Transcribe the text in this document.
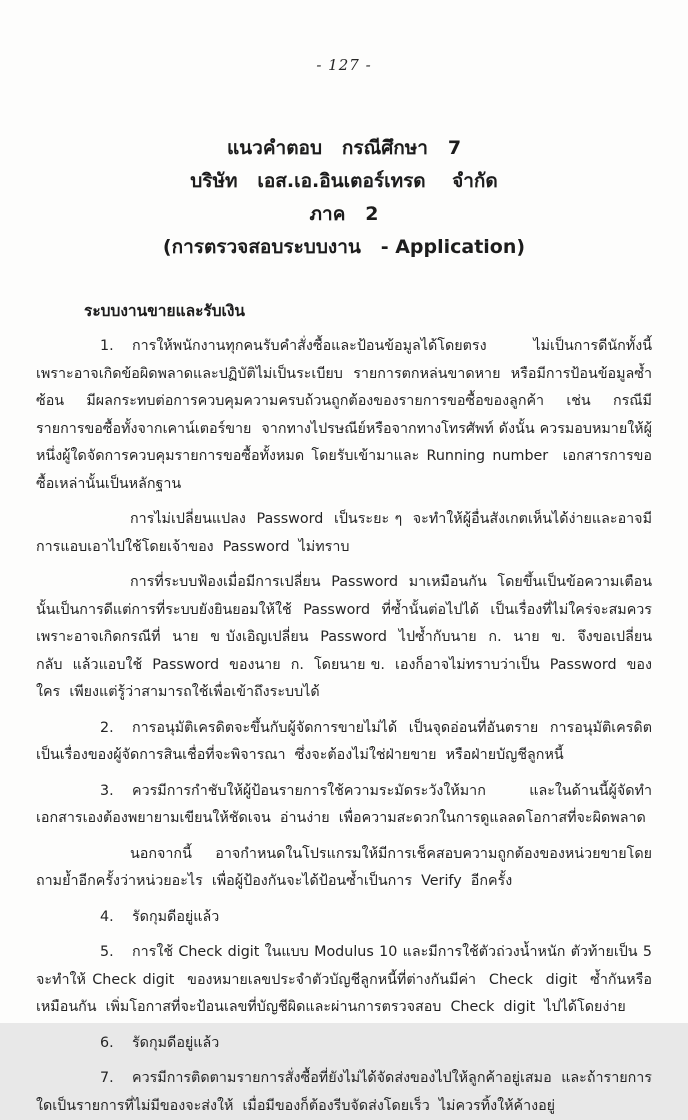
- 127 -
แนวคำตอบ   กรณีศึกษา   7
บริษัท   เอส.เอ.อินเตอร์เทรด    จำกัด
ภาค   2
(การตรวจสอบระบบงาน   - Application)
ระบบงานขายและรับเงิน

1. การให้พนักงานทุกคนรับคำสั่งซื้อและป้อนข้อมูลได้โดยตรง  ไม่เป็นการดีนักทั้งนี้  เพราะอาจเกิดข้อผิดพลาดและปฏิบัติไม่เป็นระเบียบ  รายการตกหล่นขาดหาย  หรือมีการป้อนข้อมูลซ้ำซ้อน  มีผลกระทบต่อการควบคุมความครบถ้วนถูกต้องของรายการขอซื้อของลูกค้า  เช่น  กรณีมีรายการขอซื้อทั้งจากเคาน์เตอร์ขาย  จากทางไปรษณีย์หรือจากทางโทรศัพท์ ดังนั้น ควรมอบหมายให้ผู้หนึ่งผู้ใดจัดการควบคุมรายการขอซื้อทั้งหมด โดยรับเข้ามาและ Running number  เอกสารการขอซื้อเหล่านั้นเป็นหลักฐาน

การไม่เปลี่ยนแปลง  Password  เป็นระยะ ๆ  จะทำให้ผู้อื่นสังเกตเห็นได้ง่ายและอาจมีการแอบเอาไปใช้โดยเจ้าของ  Password  ไม่ทราบ

การที่ระบบฟ้องเมื่อมีการเปลี่ยน Password มาเหมือนกัน โดยขึ้นเป็นข้อความเตือนนั้นเป็นการดีแต่การที่ระบบยังยินยอมให้ใช้  Password  ที่ซ้ำนั้นต่อไปได้  เป็นเรื่องที่ไม่ใคร่จะสมควร  เพราะอาจเกิดกรณีที่  นาย  ข บังเอิญเปลี่ยน  Password  ไปซ้ำกับนาย  ก.  นาย  ข.  จึงขอเปลี่ยนกลับ  แล้วแอบใช้  Password  ของนาย  ก.  โดยนาย ข.  เองก็อาจไม่ทราบว่าเป็น  Password  ของใคร  เพียงแต่รู้ว่าสามารถใช้เพื่อเข้าถึงระบบได้

2. การอนุมัติเครดิตจะขึ้นกับผู้จัดการขายไม่ได้  เป็นจุดอ่อนที่อันตราย  การอนุมัติเครดิตเป็นเรื่องของผู้จัดการสินเชื่อที่จะพิจารณา  ซึ่งจะต้องไม่ใช่ฝ่ายขาย  หรือฝ่ายบัญชีลูกหนี้

3. ควรมีการกำชับให้ผู้ป้อนรายการใช้ความระมัดระวังให้มาก และในด้านนี้ผู้จัดทำเอกสารเองต้องพยายามเขียนให้ชัดเจน  อ่านง่าย  เพื่อความสะดวกในการดูแลลดโอกาสที่จะผิดพลาด

นอกจากนี้  อาจกำหนดในโปรแกรมให้มีการเช็คสอบความถูกต้องของหน่วยขายโดยถามย้ำอีกครั้งว่าหน่วยอะไร  เพื่อผู้ป้องกันจะได้ป้อนซ้ำเป็นการ  Verify  อีกครั้ง

4. รัดกุมดีอยู่แล้ว

5. การใช้ Check digit ในแบบ Modulus 10 และมีการใช้ตัวถ่วงน้ำหนัก ตัวท้ายเป็น 5 จะทำให้ Check digit  ของหมายเลขประจำตัวบัญชีลูกหนี้ที่ต่างกันมีค่า  Check  digit  ซ้ำกันหรือเหมือนกัน  เพิ่มโอกาสที่จะป้อนเลขที่บัญชีผิดและผ่านการตรวจสอบ  Check  digit  ไปได้โดยง่าย

6. รัดกุมดีอยู่แล้ว

7. ควรมีการติดตามรายการสั่งซื้อที่ยังไม่ได้จัดส่งของไปให้ลูกค้าอยู่เสมอ  และถ้ารายการใดเป็นรายการที่ไม่มีของจะส่งให้  เมื่อมีของก็ต้องรีบจัดส่งโดยเร็ว  ไม่ควรทิ้งให้ค้างอยู่
